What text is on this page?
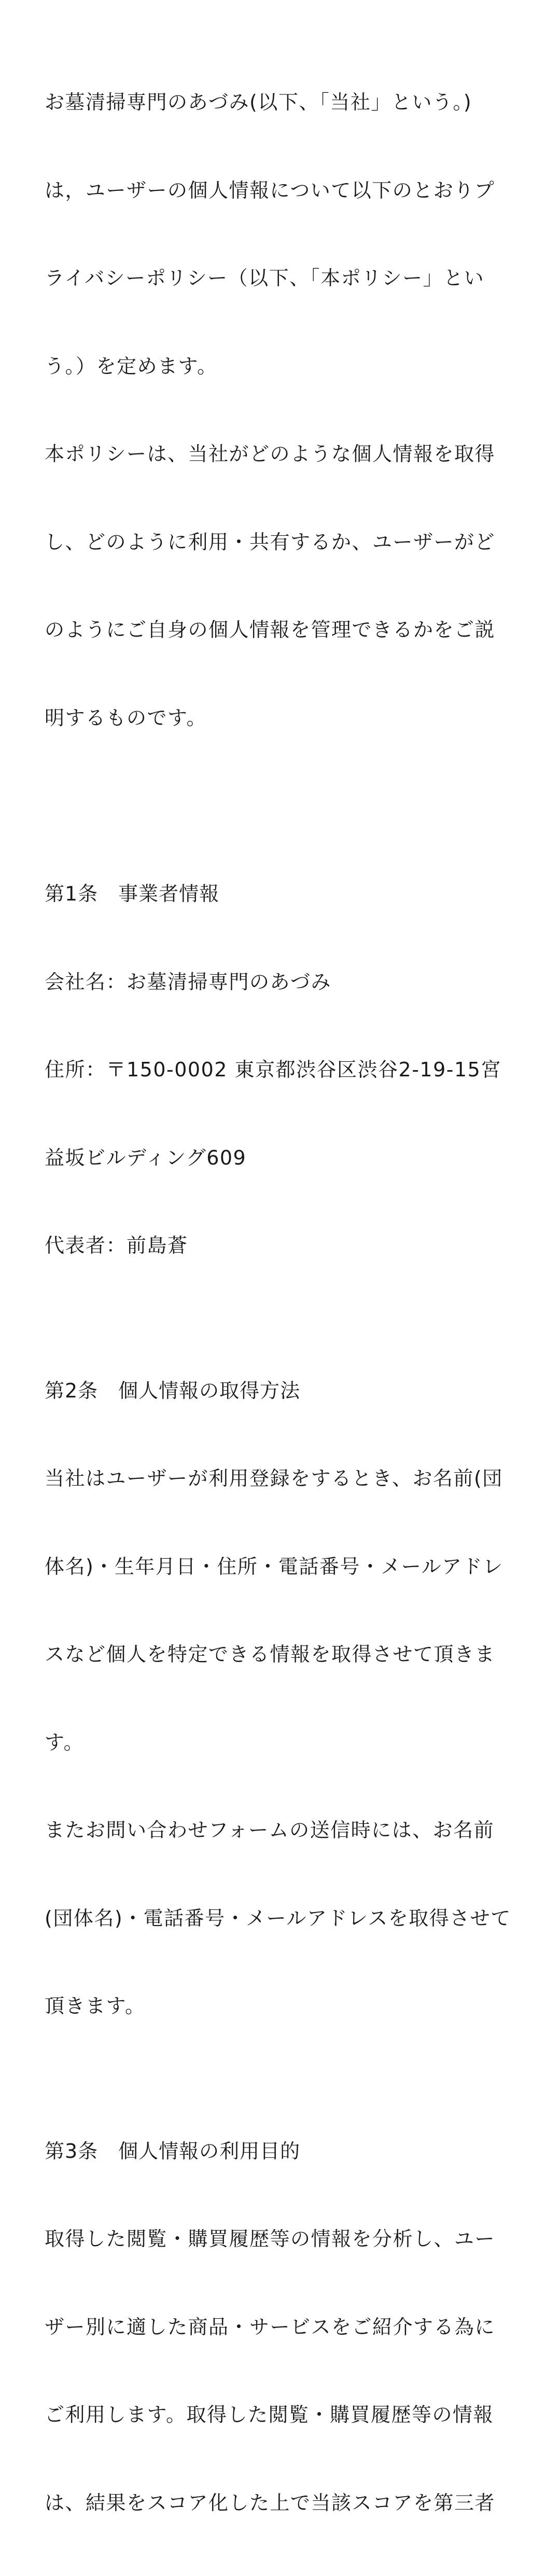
お墓清掃専門のあづみ(以下、「当社」という。)

は，ユーザーの個人情報について以下のとおりプ

ライバシーポリシー（以下、「本ポリシー」とい

う。）を定めます。

本ポリシーは、当社がどのような個人情報を取得

し、どのように利用・共有するか、ユーザーがど

のようにご自身の個人情報を管理できるかをご説

明するものです。

第1条　事業者情報

会社名：お墓清掃専門のあづみ

住所：〒150-0002 東京都渋谷区渋谷2-19-15宮

益坂ビルディング609

代表者：前島蒼

第2条　個人情報の取得方法

当社はユーザーが利用登録をするとき、お名前(団

体名)・生年月日・住所・電話番号・メールアドレ

スなど個人を特定できる情報を取得させて頂きま

す。

またお問い合わせフォームの送信時には、お名前

(団体名)・電話番号・メールアドレスを取得させて

頂きます。

第3条　個人情報の利用目的

取得した閲覧・購買履歴等の情報を分析し、ユー

ザー別に適した商品・サービスをご紹介する為に

ご利用します。取得した閲覧・購買履歴等の情報

は、結果をスコア化した上で当該スコアを第三者
